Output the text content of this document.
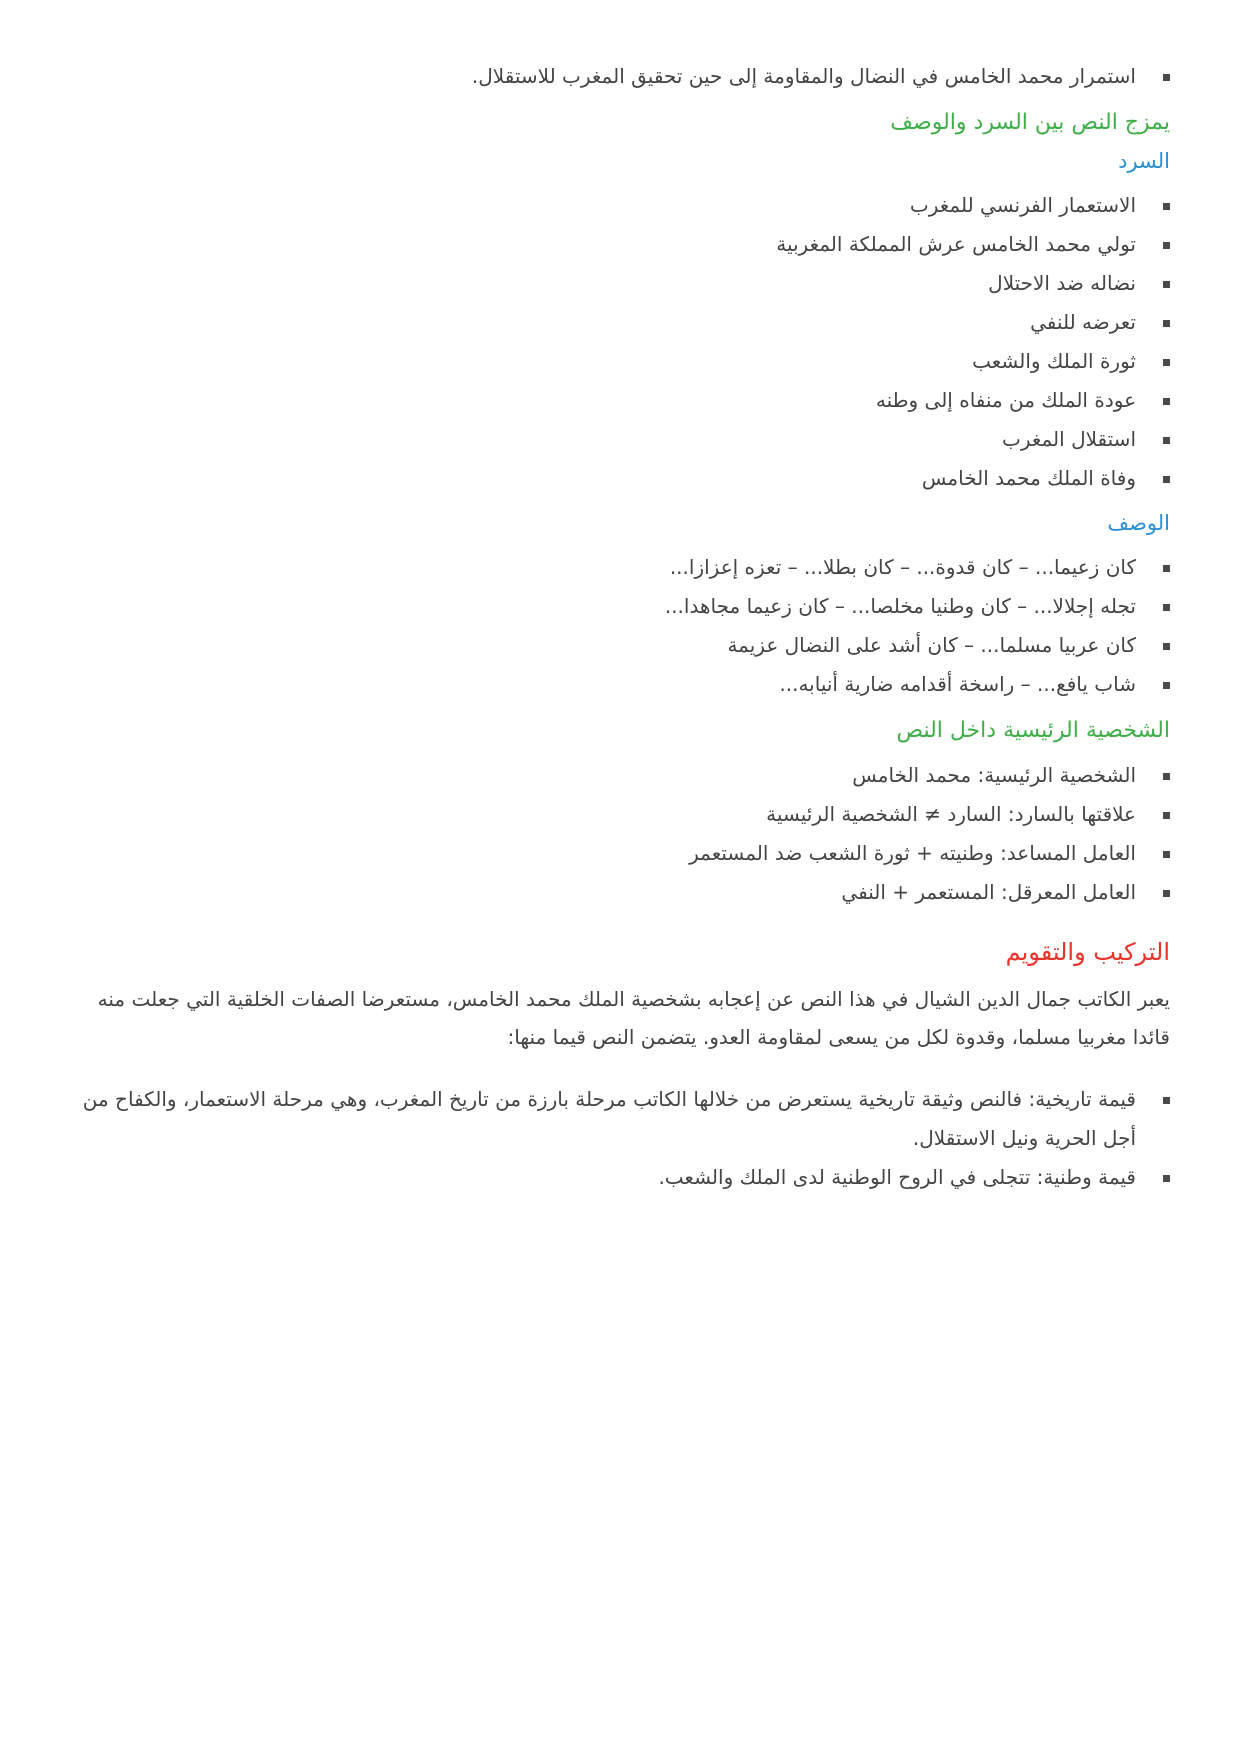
استمرار محمد الخامس في النضال والمقاومة إلى حين تحقيق المغرب للاستقلال.
يمزج النص بين السرد والوصف
السرد
الاستعمار الفرنسي للمغرب
تولي محمد الخامس عرش المملكة المغربية
نضاله ضد الاحتلال
تعرضه للنفي
ثورة الملك والشعب
عودة الملك من منفاه إلى وطنه
استقلال المغرب
وفاة الملك محمد الخامس
الوصف
كان زعيما... – كان قدوة... – كان بطلا... – تعزه إعزازا...
تجله إجلالا... – كان وطنيا مخلصا... – كان زعيما مجاهدا...
كان عربيا مسلما... – كان أشد على النضال عزيمة
شاب يافع... – راسخة أقدامه ضارية أنيابه...
الشخصية الرئيسية داخل النص
الشخصية الرئيسية: محمد الخامس
علاقتها بالسارد: السارد ≠ الشخصية الرئيسية
العامل المساعد: وطنيته + ثورة الشعب ضد المستعمر
العامل المعرقل: المستعمر + النفي
التركيب والتقويم

يعبر الكاتب جمال الدين الشيال في هذا النص عن إعجابه بشخصية الملك محمد الخامس، مستعرضا الصفات الخلقية التي جعلت منه قائدا مغربيا مسلما، وقدوة لكل من يسعى لمقاومة العدو. يتضمن النص قيما منها:

قيمة تاريخية: فالنص وثيقة تاريخية يستعرض من خلالها الكاتب مرحلة بارزة من تاريخ المغرب، وهي مرحلة الاستعمار، والكفاح من أجل الحرية ونيل الاستقلال.
قيمة وطنية: تتجلى في الروح الوطنية لدى الملك والشعب.
